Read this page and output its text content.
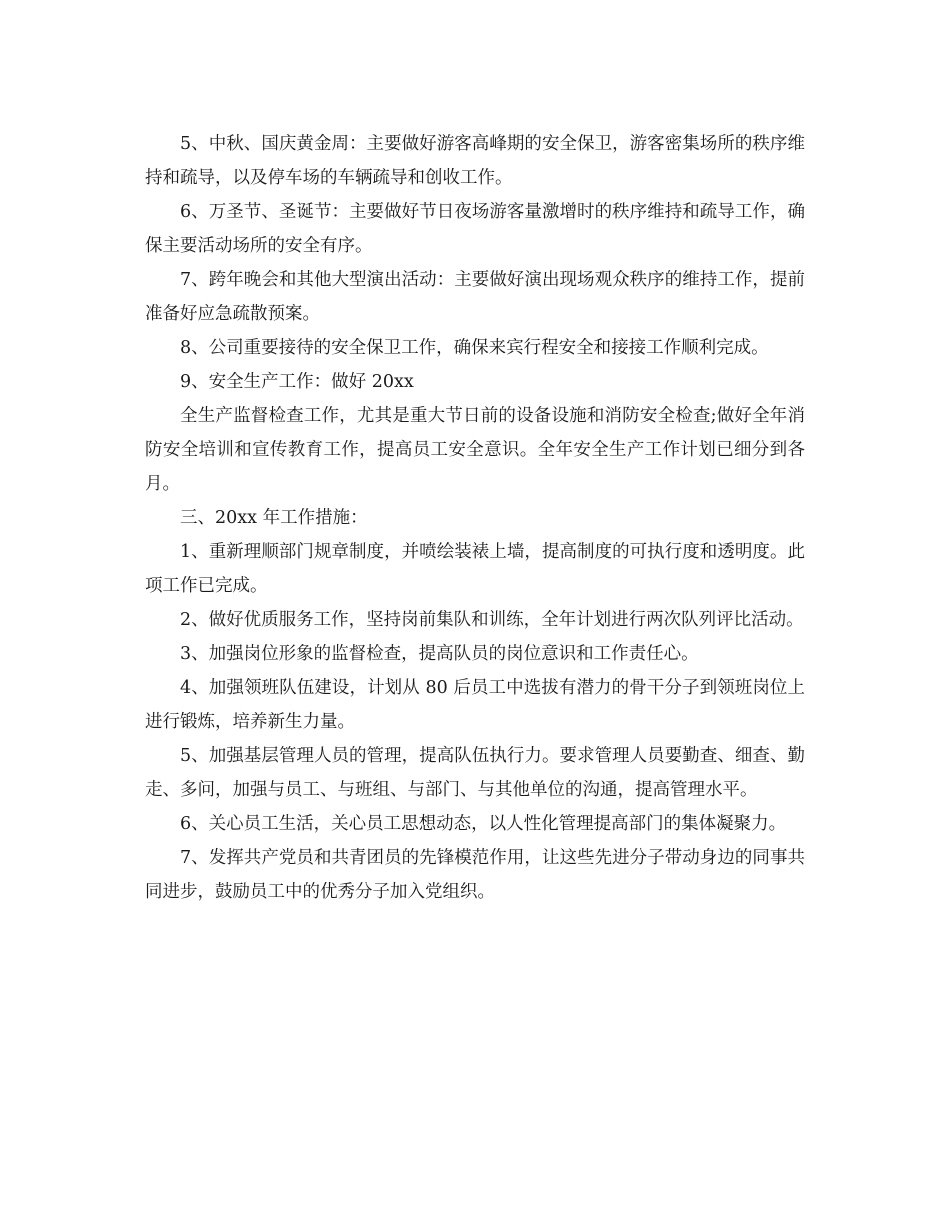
5、中秋、国庆黄金周：主要做好游客高峰期的安全保卫，游客密集场所的秩序维持和疏导，以及停车场的车辆疏导和创收工作。

6、万圣节、圣诞节：主要做好节日夜场游客量激增时的秩序维持和疏导工作，确保主要活动场所的安全有序。

7、跨年晚会和其他大型演出活动：主要做好演出现场观众秩序的维持工作，提前准备好应急疏散预案。

8、公司重要接待的安全保卫工作，确保来宾行程安全和接接工作顺利完成。

9、安全生产工作：做好 20xx

全生产监督检查工作，尤其是重大节日前的设备设施和消防安全检查;做好全年消防安全培训和宣传教育工作，提高员工安全意识。全年安全生产工作计划已细分到各月。

三、20xx 年工作措施：

1、重新理顺部门规章制度，并喷绘装裱上墙，提高制度的可执行度和透明度。此项工作已完成。

2、做好优质服务工作，坚持岗前集队和训练，全年计划进行两次队列评比活动。

3、加强岗位形象的监督检查，提高队员的岗位意识和工作责任心。

4、加强领班队伍建设，计划从 80 后员工中选拔有潜力的骨干分子到领班岗位上进行锻炼，培养新生力量。

5、加强基层管理人员的管理，提高队伍执行力。要求管理人员要勤查、细查、勤走、多问，加强与员工、与班组、与部门、与其他单位的沟通，提高管理水平。

6、关心员工生活，关心员工思想动态，以人性化管理提高部门的集体凝聚力。

7、发挥共产党员和共青团员的先锋模范作用，让这些先进分子带动身边的同事共同进步，鼓励员工中的优秀分子加入党组织。
